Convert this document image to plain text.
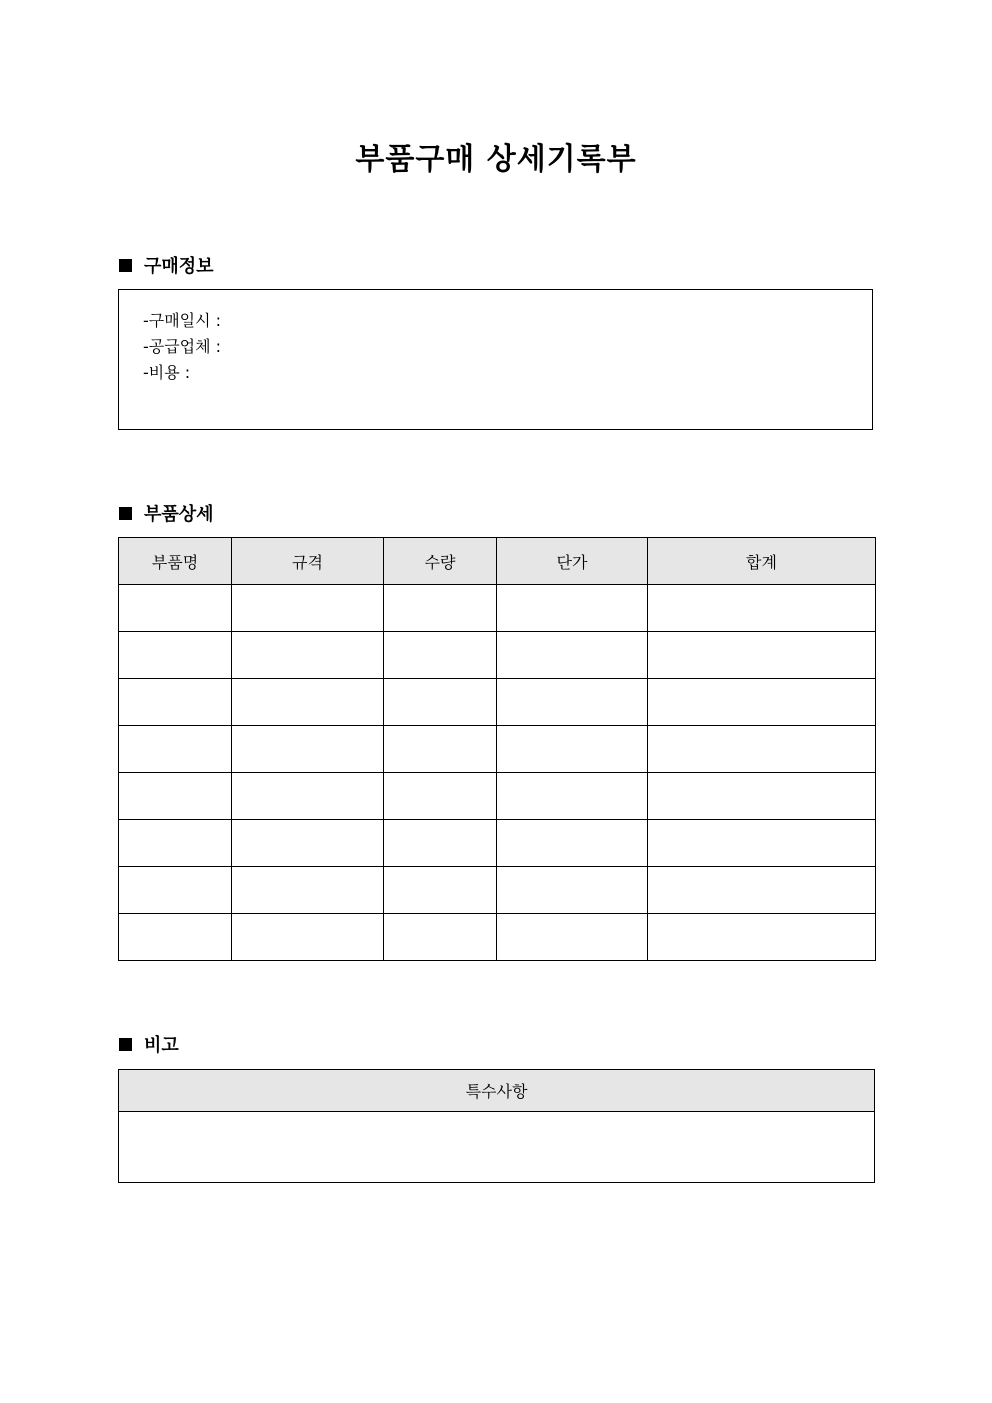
부품구매 상세기록부
구매정보
-구매일시 :
-공급업체 :
-비용 :
부품상세
부품명	규격	수량	단가	합계

비고
특수사항
